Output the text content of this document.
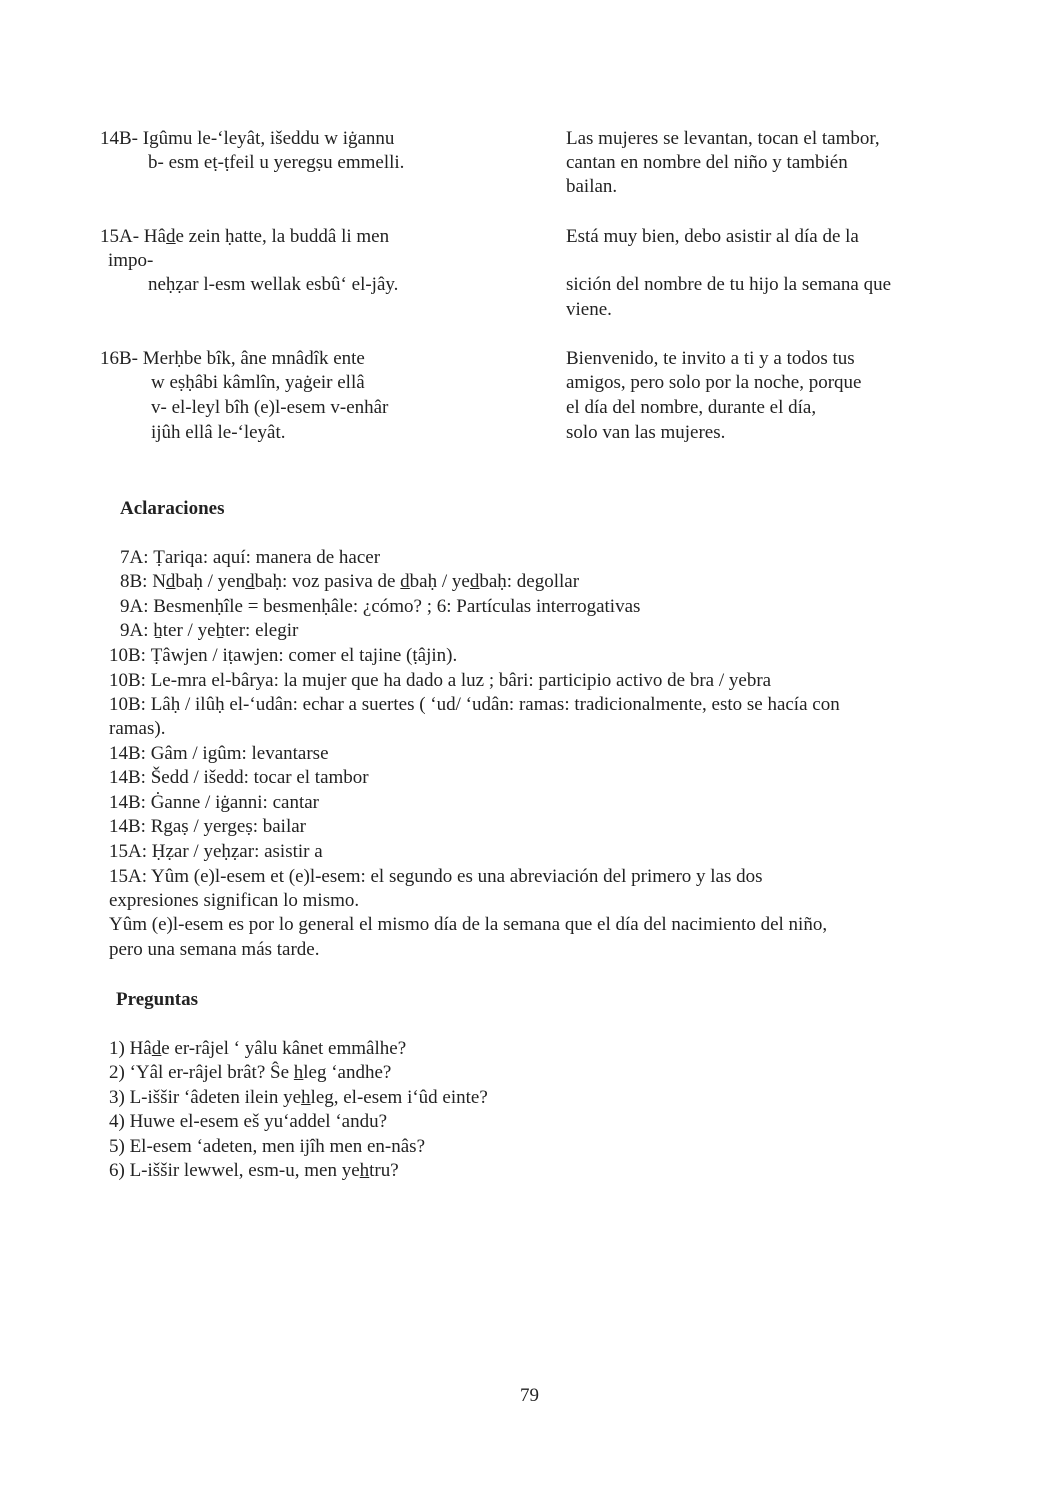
14B- Igûmu le-‘leyât, išeddu w iġannu
b- esm eṭ-ṭfeil u yeregṣu emmelli.
Las mujeres se levantan, tocan el tambor,
cantan en nombre del niño y también
bailan.
15A- Hâd̲e zein ḥatte, la buddâ li men
impo-
neḥẓar l-esm wellak esbû‘ el-jây.
Está muy bien, debo asistir al día de la
sición del nombre de tu hijo la semana que
viene.
16B- Merḥbe bîk, âne mnâdîk ente
w eṣḥâbi kâmlîn, yaġeir ellâ
v- el-leyl bîh (e)l-esem v-enhâr
ijûh ellâ le-‘leyât.
Bienvenido, te invito a ti y a todos tus
amigos, pero solo por la noche, porque
el día del nombre, durante el día,
solo van las mujeres.
Aclaraciones
7A: Ṭariqa: aquí: manera de hacer
8B: Nd̲baḥ / yend̲baḥ: voz pasiva de d̲baḥ / yed̲baḥ: degollar
9A: Besmenḥîle = besmenḥâle: ¿cómo? ; 6: Partículas interrogativas
9A: ẖter / yeẖter: elegir
10B: Ṭâwjen / iṭawjen: comer el tajine (ṭâjin).
10B: Le-mra el-bârya: la mujer que ha dado a luz ; bâri: participio activo de bra / yebra
10B: Lâḥ / ilûḥ el-‘udân: echar a suertes ( ‘ud/ ‘udân: ramas: tradicionalmente, esto se hacía con
ramas).
14B: Gâm / igûm: levantarse
14B: Šedd / išedd: tocar el tambor
14B: Ġanne / iġanni: cantar
14B: Rgaṣ / yergeṣ: bailar
15A: Ḥẓar / yeḥẓar: asistir a
15A: Yûm (e)l-esem et (e)l-esem: el segundo es una abreviación del primero y las dos
expresiones significan lo mismo.
Yûm (e)l-esem es por lo general el mismo día de la semana que el día del nacimiento del niño,
pero una semana más tarde.
Preguntas
1) Hâd̲e er-râjel ‘ yâlu kânet emmâlhe?
2) ‘Yâl er-râjel brât? Ŝe h̲leg ‘andhe?
3) L-iššir ‘âdeten ilein yeh̲leg, el-esem i‘ûd einte?
4) Huwe el-esem eš yu‘addel ‘andu?
5) El-esem ‘adeten, men ijîh men en-nâs?
6) L-iššir lewwel, esm-u, men yeh̲tru?
79
